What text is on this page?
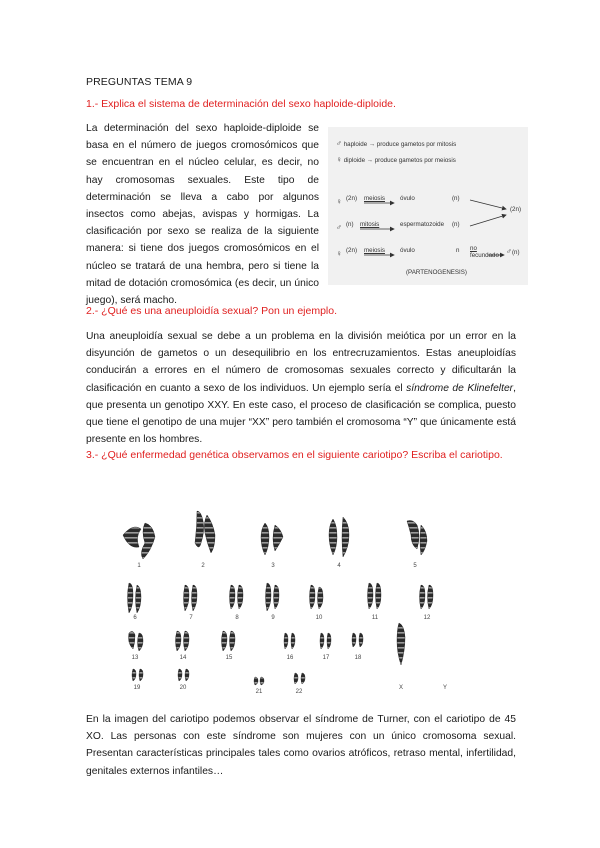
PREGUNTAS TEMA 9
1.- Explica el sistema de determinación del sexo haploide-diploide.
La determinación del sexo haploide-diploide se basa en el número de juegos cromosómicos que se encuentran en el núcleo celular, es decir, no hay cromosomas sexuales. Este tipo de determinación se lleva a cabo por algunos insectos como abejas, avispas y hormigas. La clasificación por sexo se realiza de la siguiente manera: si tiene dos juegos cromosómicos en el núcleo se tratará de una hembra, pero si tiene la mitad de dotación cromosómica (es decir, un único juego), será macho.
♂ haploide → produce gametos por mitosis
♀ diploide → produce gametos por meiosis
♀ (2n) meiosis óvulo	(n)
♂ (n) mitosis	espermatozoide (n)
(2n)
♀ (2n) meiosis óvulo	n no
fecundado ♂(n)
(PARTENOGENESIS)
2.- ¿Qué es una aneuploidía sexual? Pon un ejemplo.
Una aneuploidía sexual se debe a un problema en la división meiótica por un error en la disyunción de gametos o un desequilibrio en los entrecruzamientos. Estas aneuploidías conducirán a errores en el número de cromosomas sexuales correcto y dificultarán la clasificación en cuanto a sexo de los individuos. Un ejemplo sería el síndrome de Klinefelter, que presenta un genotipo XXY. En este caso, el proceso de clasificación se complica, puesto que tiene el genotipo de una mujer “XX” pero también el cromosoma “Y” que únicamente está presente en los hombres.
3.- ¿Qué enfermedad genética observamos en el siguiente cariotipo? Escriba el cariotipo.
1	2	3	4	5
6	7	8	9	10	11	12
13	14	15	16	17	18
19	20
21	22
X	Y
En la imagen del cariotipo podemos observar el síndrome de Turner, con el cariotipo de 45 XO. Las personas con este síndrome son mujeres con un único cromosoma sexual. Presentan características principales tales como ovarios atróficos, retraso mental, infertilidad, genitales externos infantiles…
